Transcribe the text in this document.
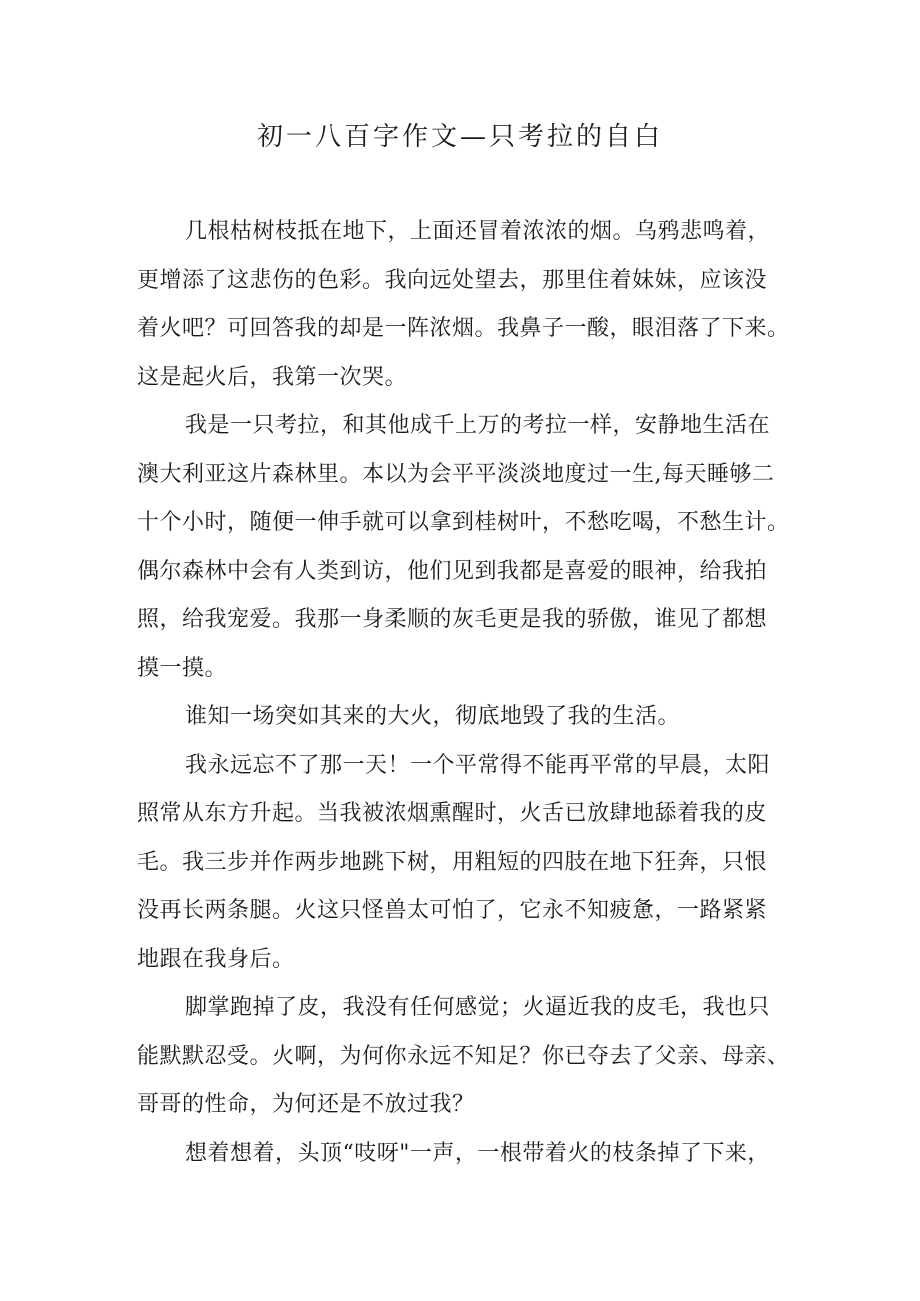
初一八百字作文—只考拉的自白
几根枯树枝抵在地下，上面还冒着浓浓的烟。乌鸦悲鸣着，
更增添了这悲伤的色彩。我向远处望去，那里住着妹妹，应该没
着火吧？可回答我的却是一阵浓烟。我鼻子一酸，眼泪落了下来。
这是起火后，我第一次哭。
我是一只考拉，和其他成千上万的考拉一样，安静地生活在
澳大利亚这片森林里。本以为会平平淡淡地度过一生,每天睡够二
十个小时，随便一伸手就可以拿到桂树叶，不愁吃喝，不愁生计。
偶尔森林中会有人类到访，他们见到我都是喜爱的眼神，给我拍
照，给我宠爱。我那一身柔顺的灰毛更是我的骄傲，谁见了都想
摸一摸。
谁知一场突如其来的大火，彻底地毁了我的生活。
我永远忘不了那一天！一个平常得不能再平常的早晨，太阳
照常从东方升起。当我被浓烟熏醒时，火舌已放肆地舔着我的皮
毛。我三步并作两步地跳下树，用粗短的四肢在地下狂奔，只恨
没再长两条腿。火这只怪兽太可怕了，它永不知疲惫，一路紧紧
地跟在我身后。
脚掌跑掉了皮，我没有任何感觉；火逼近我的皮毛，我也只
能默默忍受。火啊，为何你永远不知足？你已夺去了父亲、母亲、
哥哥的性命，为何还是不放过我？
想着想着，头顶“吱呀"一声，一根带着火的枝条掉了下来，
